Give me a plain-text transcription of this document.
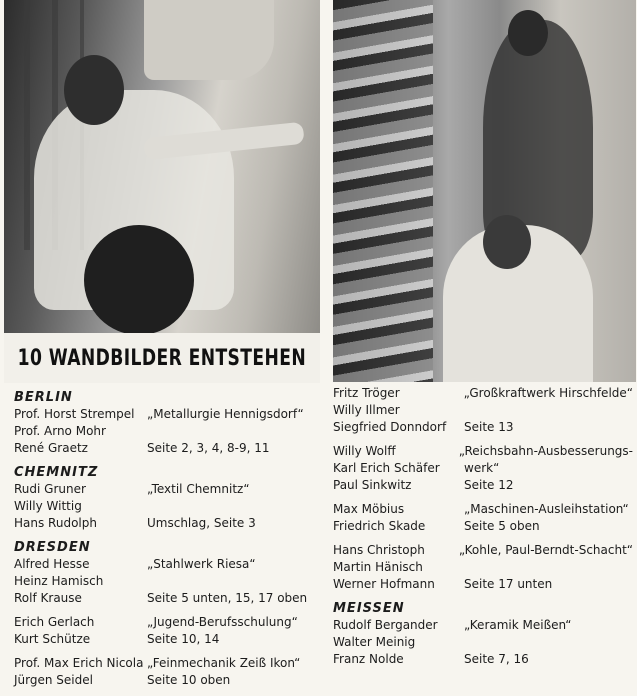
10 WANDBILDER ENTSTEHEN
BERLIN
Prof. Horst Strempel	„Metallurgie Hennigsdorf“
Prof. Arno Mohr
René Graetz	Seite 2, 3, 4, 8-9, 11
CHEMNITZ
Rudi Gruner	„Textil Chemnitz“
Willy Wittig
Hans Rudolph	Umschlag, Seite 3
DRESDEN
Alfred Hesse	„Stahlwerk Riesa“
Heinz Hamisch
Rolf Krause	Seite 5 unten, 15, 17 oben
Erich Gerlach	„Jugend-Berufsschulung“
Kurt Schütze	Seite 10, 14
Prof. Max Erich Nicola „Feinmechanik Zeiß Ikon“
Jürgen Seidel	Seite 10 oben
Fritz Tröger	„Großkraftwerk Hirschfelde“
Willy Illmer
Siegfried Donndorf	Seite 13
Willy Wolff	„Reichsbahn-Ausbesserungs-
Karl Erich Schäfer	werk“
Paul Sinkwitz	Seite 12
Max Möbius	„Maschinen-Ausleihstation“
Friedrich Skade	Seite 5 oben
Hans Christoph	„Kohle, Paul-Berndt-Schacht“
Martin Hänisch
Werner Hofmann	Seite 17 unten
MEISSEN
Rudolf Bergander	„Keramik Meißen“
Walter Meinig
Franz Nolde	Seite 7, 16
